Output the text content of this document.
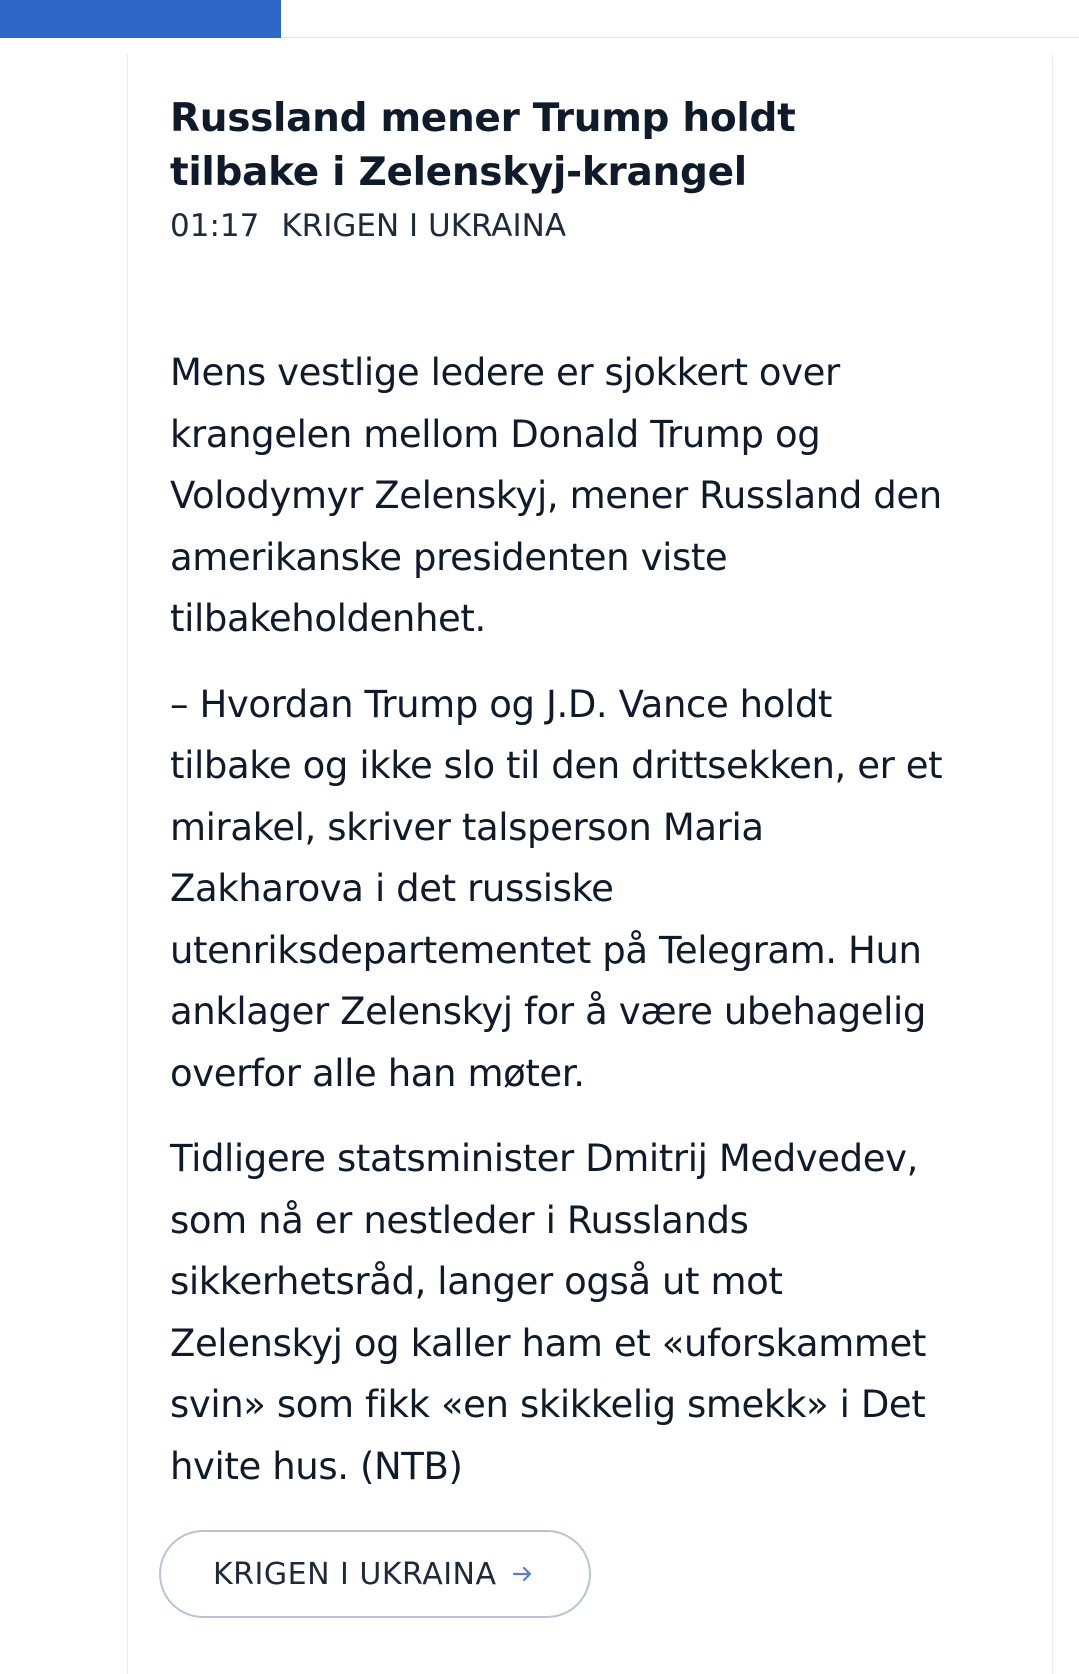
Russland mener Trump holdt tilbake i Zelenskyj-krangel
01:17 KRIGEN I UKRAINA

Mens vestlige ledere er sjokkert over krangelen mellom Donald Trump og Volodymyr Zelenskyj, mener Russland den amerikanske presidenten viste tilbakeholdenhet.

– Hvordan Trump og J.D. Vance holdt tilbake og ikke slo til den drittsekken, er et mirakel, skriver talsperson Maria Zakharova i det russiske utenriksdepartementet på Telegram. Hun anklager Zelenskyj for å være ubehagelig overfor alle han møter.

Tidligere statsminister Dmitrij Medvedev, som nå er nestleder i Russlands sikkerhetsråd, langer også ut mot Zelenskyj og kaller ham et «uforskammet svin» som fikk «en skikkelig smekk» i Det hvite hus. (NTB)

KRIGEN I UKRAINA
